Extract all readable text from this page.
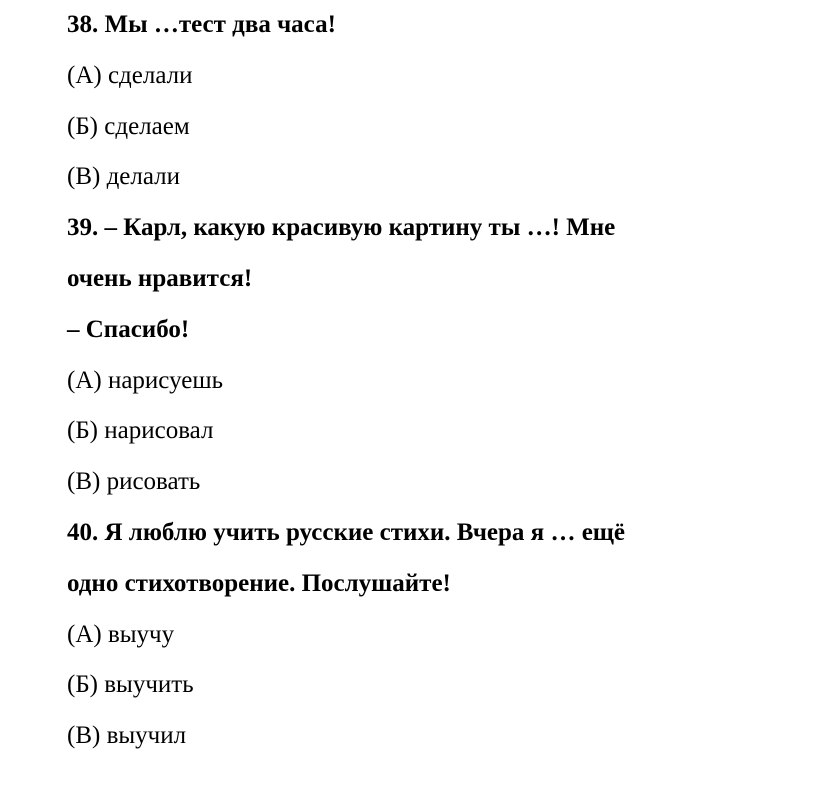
38. Мы …тест два часа!
(А) сделали
(Б) сделаем
(В) делали
39. – Карл, какую красивую картину ты …! Мне
очень нравится!
– Спасибо!
(А) нарисуешь
(Б) нарисовал
(В) рисовать
40. Я люблю учить русские стихи. Вчера я … ещё
одно стихотворение. Послушайте!
(А) выучу
(Б) выучить
(В) выучил
